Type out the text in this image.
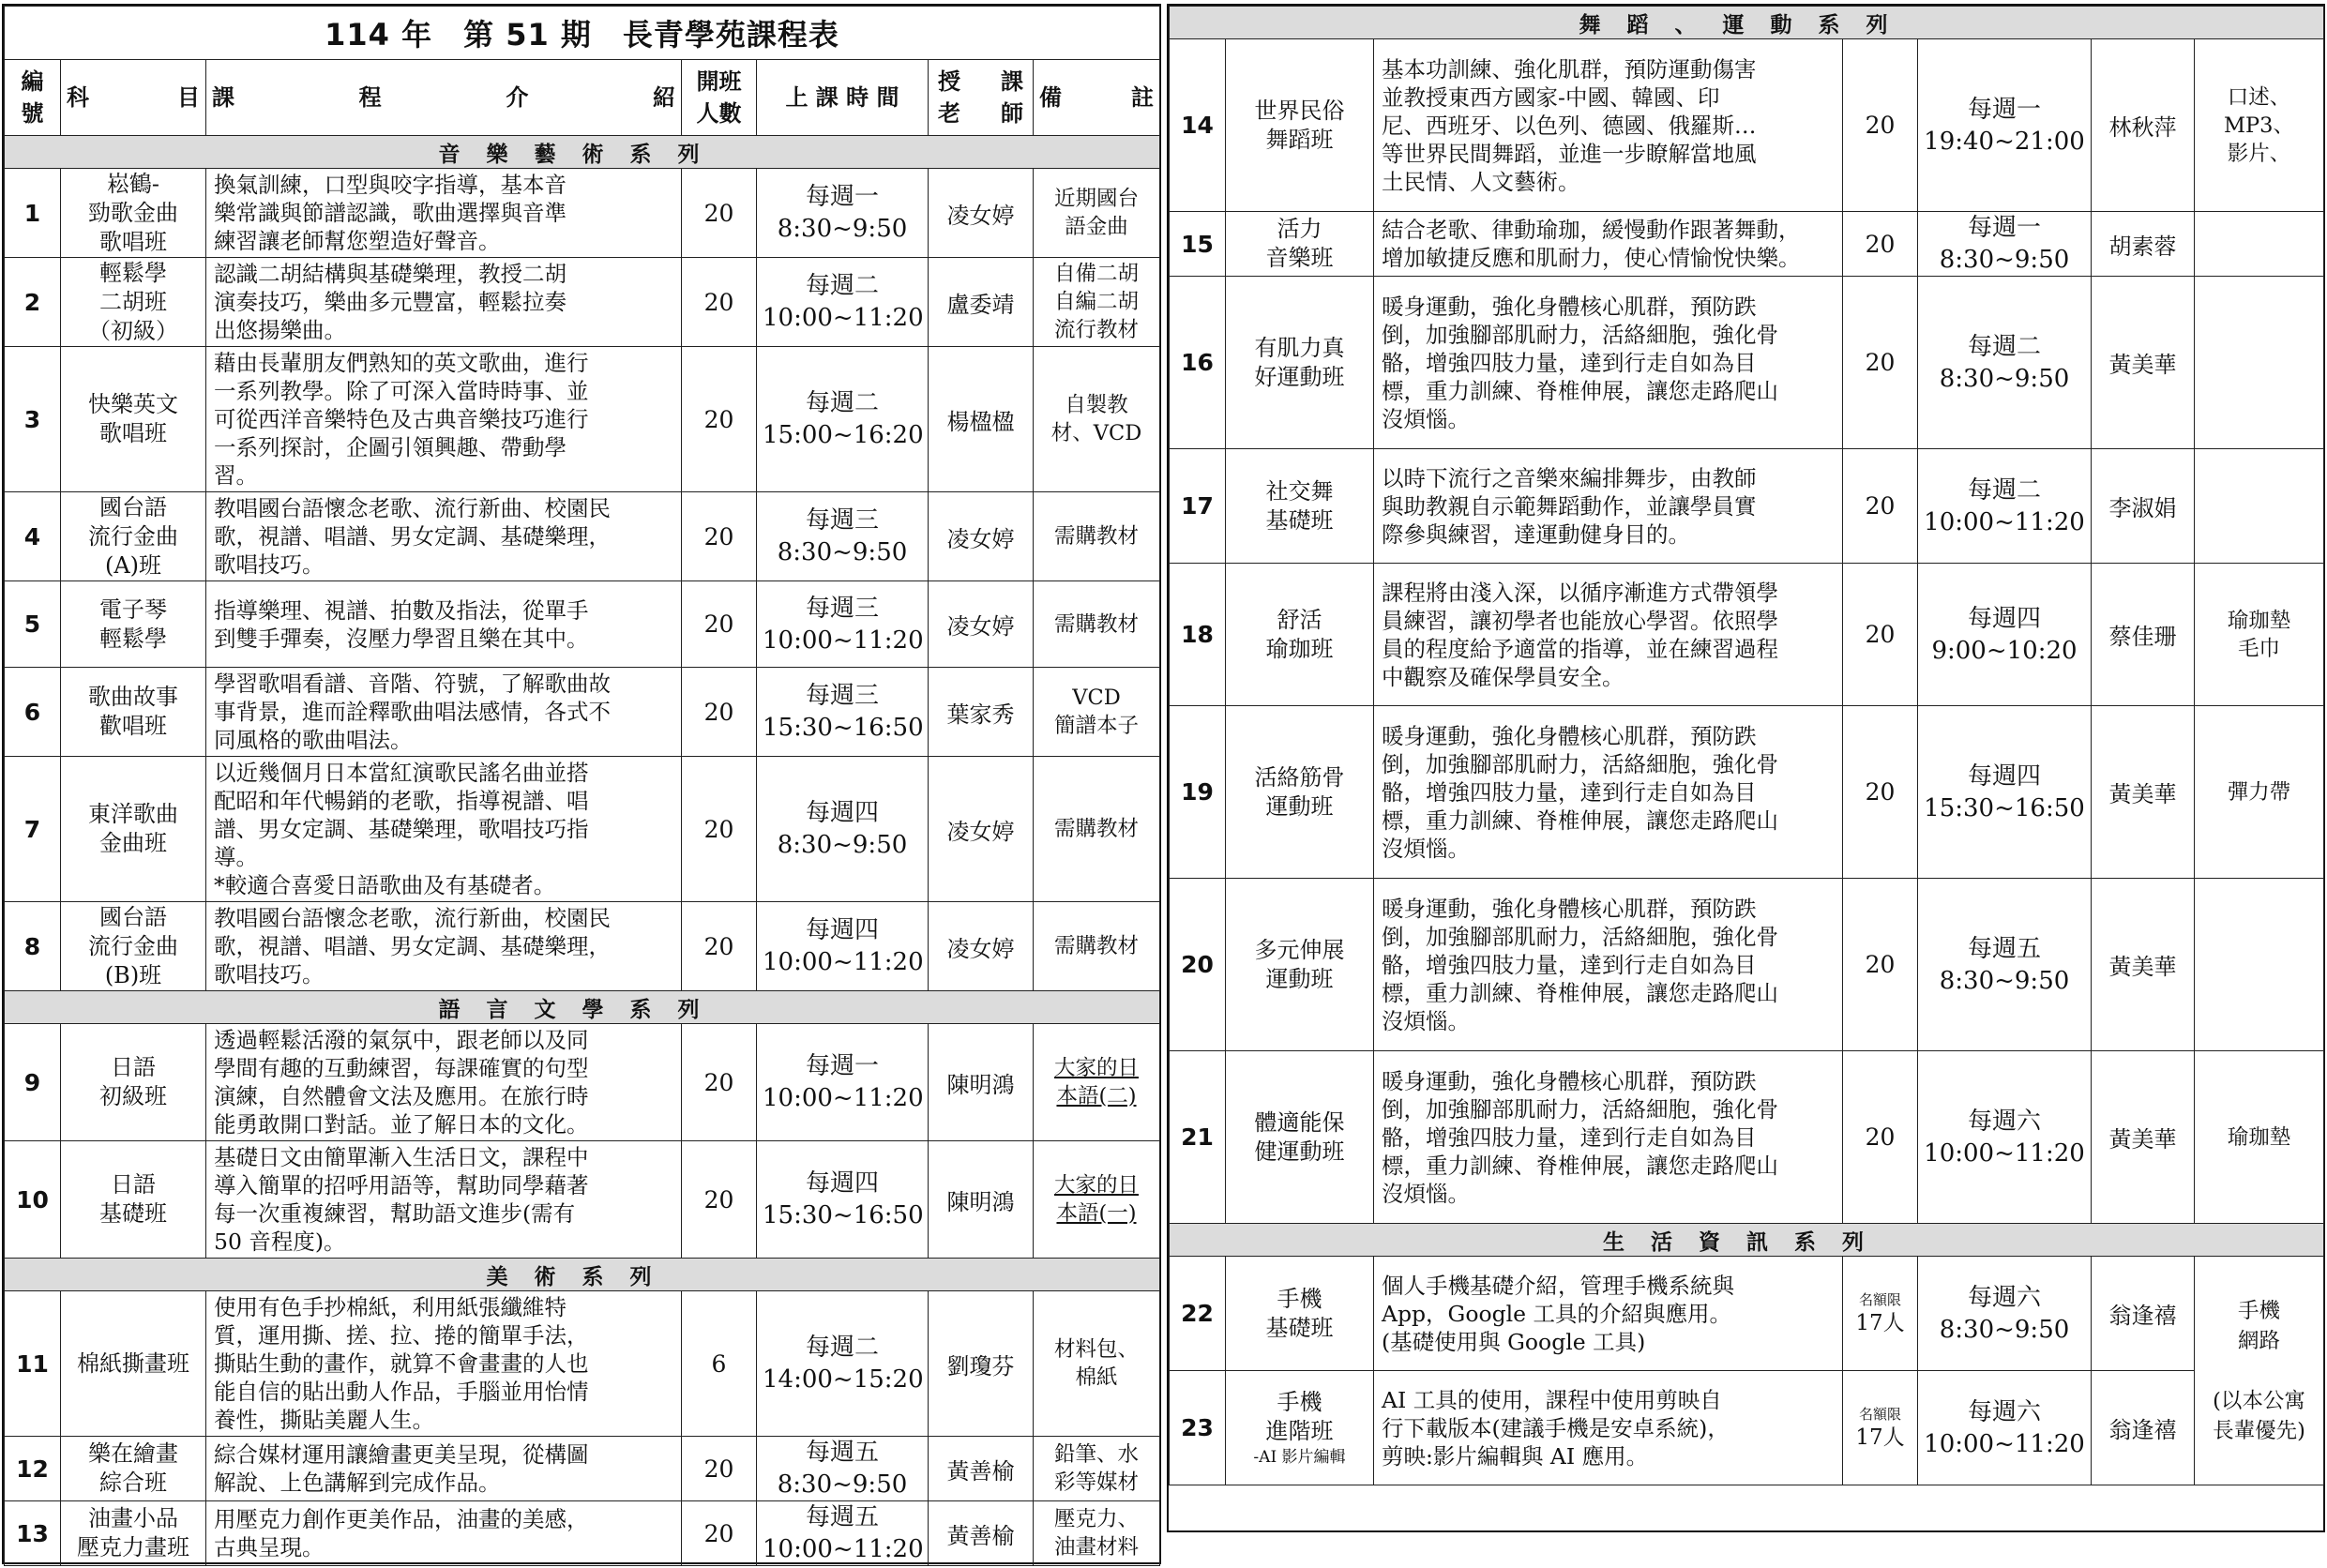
114 年　第 51 期　長青學苑課程表						
編號	科　目	課　程　介　紹	開班人數	上 課 時 間	授　課　老　師	備　註
音樂藝術系列						
1	崧鶴-
勁歌金曲
歌唱班	換氣訓練，口型與咬字指導，基本音
樂常識與節譜認識，歌曲選擇與音準
練習讓老師幫您塑造好聲音。	20	每週一
8:30~9:50	凌女婷	近期國台
語金曲
2	輕鬆學
二胡班
（初級）	認識二胡結構與基礎樂理，教授二胡
演奏技巧，樂曲多元豐富，輕鬆拉奏
出悠揚樂曲。	20	每週二
10:00~11:20	盧委靖	自備二胡
自編二胡
流行教材
3	快樂英文
歌唱班	藉由長輩朋友們熟知的英文歌曲，進行
一系列教學。除了可深入當時時事、並
可從西洋音樂特色及古典音樂技巧進行
一系列探討，企圖引領興趣、帶動學
習。	20	每週二
15:00~16:20	楊楹楹	自製教
材、VCD
4	國台語
流行金曲
(A)班	教唱國台語懷念老歌、流行新曲、校園民
歌，視譜、唱譜、男女定調、基礎樂理，
歌唱技巧。	20	每週三
8:30~9:50	凌女婷	需購教材
5	電子琴
輕鬆學	指導樂理、視譜、拍數及指法，從單手
到雙手彈奏，沒壓力學習且樂在其中。	20	每週三
10:00~11:20	凌女婷	需購教材
6	歌曲故事
歡唱班	學習歌唱看譜、音階、符號，了解歌曲故
事背景，進而詮釋歌曲唱法感情，各式不
同風格的歌曲唱法。	20	每週三
15:30~16:50	葉家秀	VCD
簡譜本子
7	東洋歌曲
金曲班	以近幾個月日本當紅演歌民謠名曲並搭
配昭和年代暢銷的老歌，指導視譜、唱
譜、男女定調、基礎樂理，歌唱技巧指
導。
*較適合喜愛日語歌曲及有基礎者。	20	每週四
8:30~9:50	凌女婷	需購教材
8	國台語
流行金曲
(B)班	教唱國台語懷念老歌，流行新曲，校園民
歌，視譜、唱譜、男女定調、基礎樂理，
歌唱技巧。	20	每週四
10:00~11:20	凌女婷	需購教材
語言文學系列						
9	日語
初級班	透過輕鬆活潑的氣氛中，跟老師以及同
學間有趣的互動練習，每課確實的句型
演練，自然體會文法及應用。在旅行時
能勇敢開口對話。並了解日本的文化。	20	每週一
10:00~11:20	陳明鴻	大家的日
本語(二)
10	日語
基礎班	基礎日文由簡單漸入生活日文，課程中
導入簡單的招呼用語等，幫助同學藉著
每一次重複練習，幫助語文進步(需有
50 音程度)。	20	每週四
15:30~16:50	陳明鴻	大家的日
本語(一)
美術系列						
11	棉紙撕畫班	使用有色手抄棉紙，利用紙張纖維特
質，運用撕、搓、拉、捲的簡單手法，
撕貼生動的畫作，就算不會畫畫的人也
能自信的貼出動人作品，手腦並用怡情
養性，撕貼美麗人生。	6	每週二
14:00~15:20	劉瓊芬	材料包、
棉紙
12	樂在繪畫
綜合班	綜合媒材運用讓繪畫更美呈現，從構圖
解說、上色講解到完成作品。	20	每週五
8:30~9:50	黃善榆	鉛筆、水
彩等媒材
13	油畫小品
壓克力畫班	用壓克力創作更美作品，油畫的美感，
古典呈現。	20	每週五
10:00~11:20	黃善榆	壓克力、
油畫材料
舞蹈、運動系列						
14	世界民俗
舞蹈班	基本功訓練、強化肌群，預防運動傷害
並教授東西方國家-中國、韓國、印
尼、西班牙、以色列、德國、俄羅斯…
等世界民間舞蹈，並進一步瞭解當地風
土民情、人文藝術。	20	每週一
19:40~21:00	林秋萍	口述、
MP3、
影片、
15	活力
音樂班	結合老歌、律動瑜珈，緩慢動作跟著舞動，
增加敏捷反應和肌耐力，使心情愉悅快樂。	20	每週一
8:30~9:50	胡素蓉	
16	有肌力真
好運動班	暖身運動，強化身體核心肌群，預防跌
倒，加強腳部肌耐力，活絡細胞，強化骨
骼，增強四肢力量，達到行走自如為目
標，重力訓練、脊椎伸展，讓您走路爬山
沒煩惱。	20	每週二
8:30~9:50	黃美華	
17	社交舞
基礎班	以時下流行之音樂來編排舞步，由教師
與助教親自示範舞蹈動作，並讓學員實
際參與練習，達運動健身目的。	20	每週二
10:00~11:20	李淑娟	
18	舒活
瑜珈班	課程將由淺入深，以循序漸進方式帶領學
員練習，讓初學者也能放心學習。依照學
員的程度給予適當的指導，並在練習過程
中觀察及確保學員安全。	20	每週四
9:00~10:20	蔡佳珊	瑜珈墊
毛巾
19	活絡筋骨
運動班	暖身運動，強化身體核心肌群，預防跌
倒，加強腳部肌耐力，活絡細胞，強化骨
骼，增強四肢力量，達到行走自如為目
標，重力訓練、脊椎伸展，讓您走路爬山
沒煩惱。	20	每週四
15:30~16:50	黃美華	彈力帶
20	多元伸展
運動班	暖身運動，強化身體核心肌群，預防跌
倒，加強腳部肌耐力，活絡細胞，強化骨
骼，增強四肢力量，達到行走自如為目
標，重力訓練、脊椎伸展，讓您走路爬山
沒煩惱。	20	每週五
8:30~9:50	黃美華	
21	體適能保
健運動班	暖身運動，強化身體核心肌群，預防跌
倒，加強腳部肌耐力，活絡細胞，強化骨
骼，增強四肢力量，達到行走自如為目
標，重力訓練、脊椎伸展，讓您走路爬山
沒煩惱。	20	每週六
10:00~11:20	黃美華	瑜珈墊
生活資訊系列						
22	手機
基礎班	個人手機基礎介紹，管理手機系統與
App，Google 工具的介紹與應用。
(基礎使用與 Google 工具)	名額限
17人	每週六
8:30~9:50	翁逢禧	手機
網路

(以本公寓
長輩優先)
23	手機
進階班
-AI 影片編輯	AI 工具的使用，課程中使用剪映自
行下載版本(建議手機是安卓系統)，
剪映:影片編輯與 AI 應用。	名額限
17人	每週六
10:00~11:20	翁逢禧	
